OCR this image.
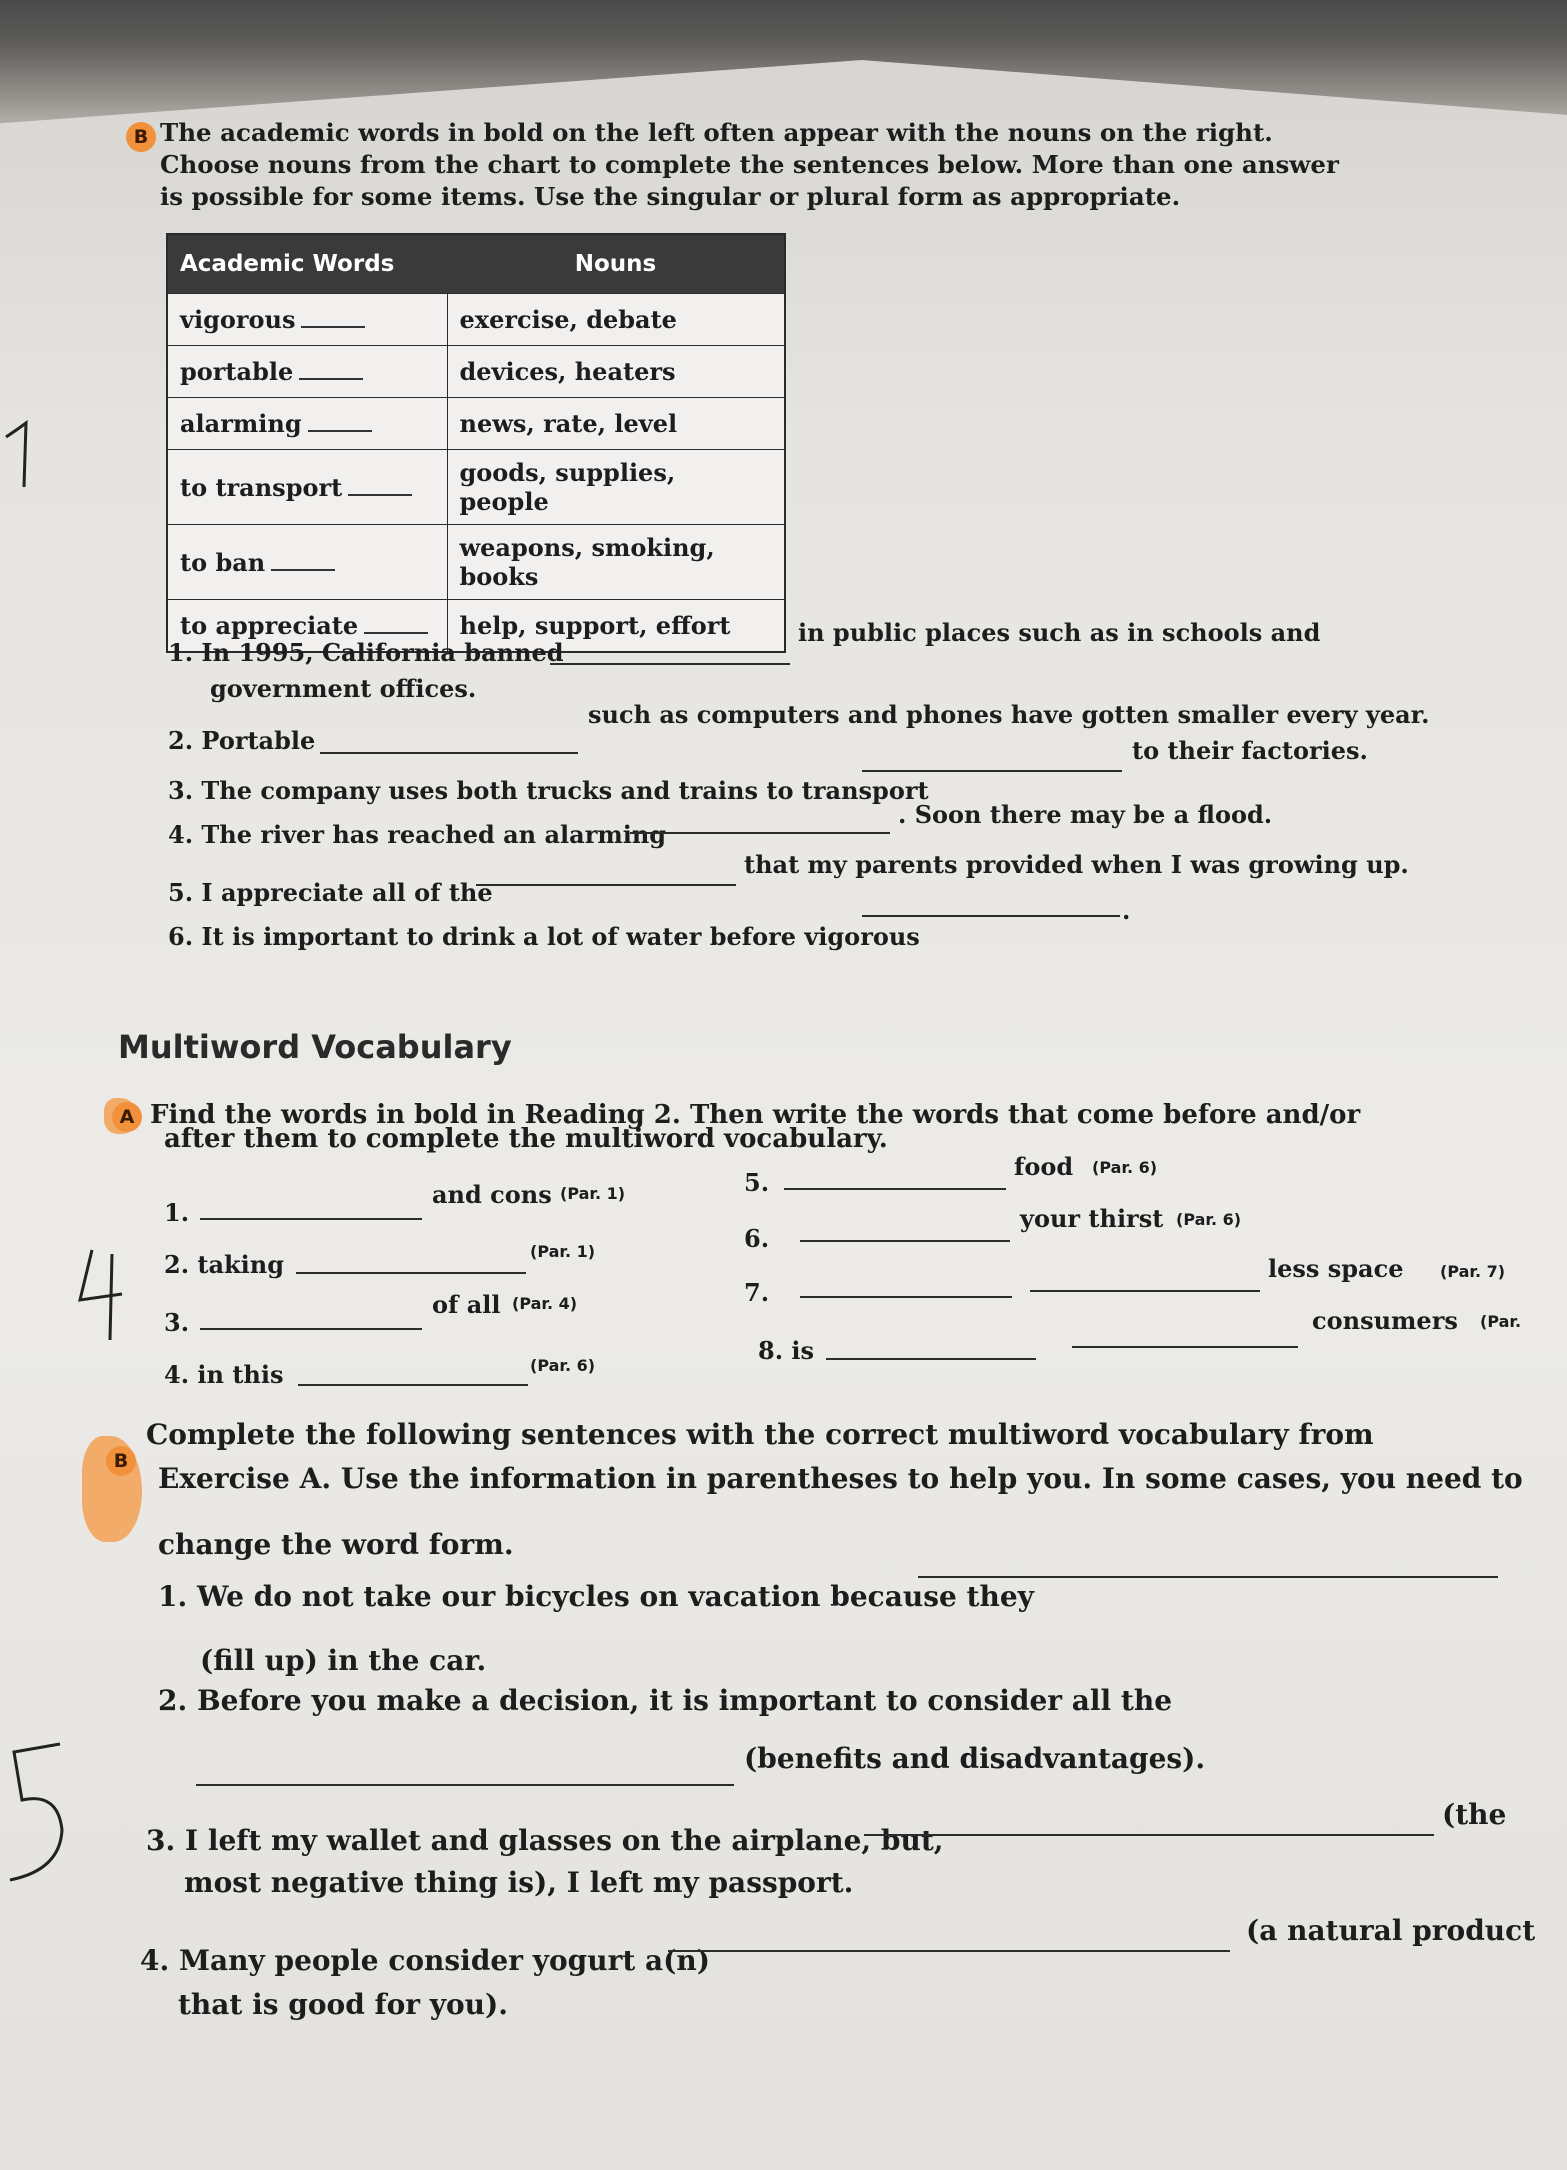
B The academic words in bold on the left often appear with the nouns on the right.
Choose nouns from the chart to complete the sentences below. More than one answer
is possible for some items. Use the singular or plural form as appropriate.
Academic Words	Nouns
vigorous	exercise, debate
portable	devices, heaters
alarming	news, rate, level
to transport	goods, supplies, people
to ban	weapons, smoking, books
to appreciate	help, support, effort
1. In 1995, California banned
in public places such as in schools and
government offices.
2. Portable
such as computers and phones have gotten smaller every year.
3. The company uses both trucks and trains to transport
to their factories.
4. The river has reached an alarming
. Soon there may be a flood.
5. I appreciate all of the
that my parents provided when I was growing up.
6. It is important to drink a lot of water before vigorous
.
Multiword Vocabulary
A Find the words in bold in Reading 2. Then write the words that come before and/or
after them to complete the multiword vocabulary.
1.
and cons (Par. 1)
2. taking	(Par. 1)
3.
of all (Par. 4)
4. in this	(Par. 6)
5.
food (Par. 6)
6.
your thirst (Par. 6)
7.
less space (Par. 7)
8. is
consumers (Par.
B
Complete the following sentences with the correct multiword vocabulary from
Exercise A. Use the information in parentheses to help you. In some cases, you need to
change the word form.
1. We do not take our bicycles on vacation because they
(fill up) in the car.
2. Before you make a decision, it is important to consider all the
(benefits and disadvantages).
3. I left my wallet and glasses on the airplane, but,
(the
most negative thing is), I left my passport.
4. Many people consider yogurt a(n)
(a natural product
that is good for you).
